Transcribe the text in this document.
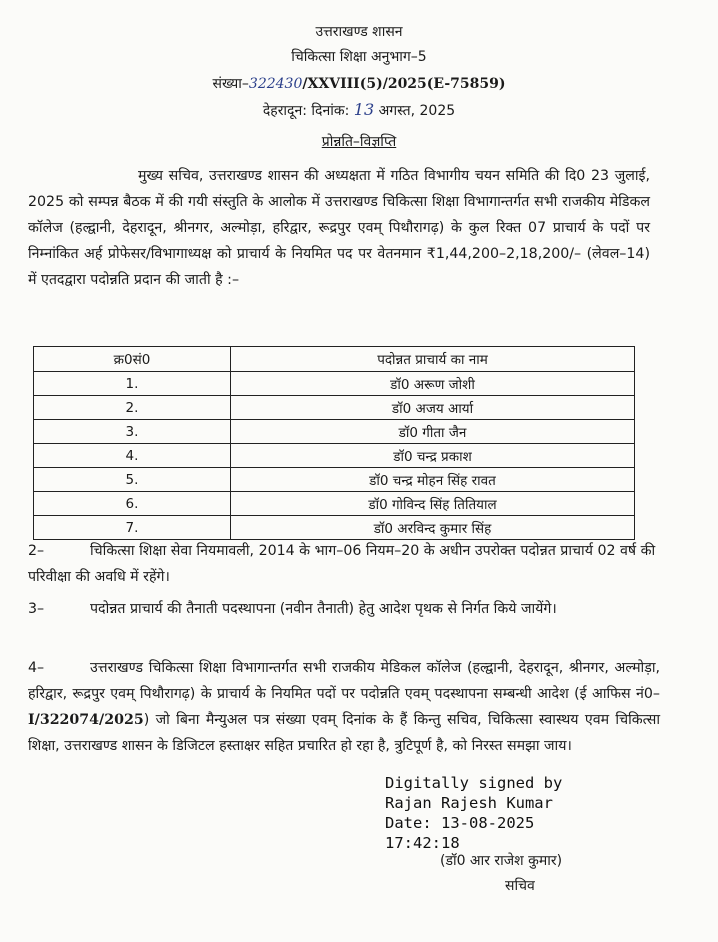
उत्तराखण्ड शासन
चिकित्सा शिक्षा अनुभाग–5
संख्या–322430/XXVIII(5)/2025(E-75859)
देहरादून: दिनांक: 13 अगस्त, 2025
प्रोन्नति–विज्ञप्ति
मुख्य सचिव, उत्तराखण्ड शासन की अध्यक्षता में गठित विभागीय चयन समिति की दि0 23 जुलाई, 2025 को सम्पन्न बैठक में की गयी संस्तुति के आलोक में उत्तराखण्ड चिकित्सा शिक्षा विभागान्तर्गत सभी राजकीय मेडिकल कॉलेज (हल्द्वानी, देहरादून, श्रीनगर, अल्मोड़ा, हरिद्वार, रूद्रपुर एवम् पिथौरागढ़) के कुल रिक्त 07 प्राचार्य के पदों पर निम्नांकित अर्ह प्रोफेसर/विभागाध्यक्ष को प्राचार्य के नियमित पद पर वेतनमान ₹1,44,200–2,18,200/– (लेवल–14) में एतदद्वारा पदोन्नति प्रदान की जाती है :–
क्र0सं0	पदोन्नत प्राचार्य का नाम
1.	डॉ0 अरूण जोशी
2.	डॉ0 अजय आर्या
3.	डॉ0 गीता जैन
4.	डॉ0 चन्द्र प्रकाश
5.	डॉ0 चन्द्र मोहन सिंह रावत
6.	डॉ0 गोविन्द सिंह तितियाल
7.	डॉ0 अरविन्द कुमार सिंह
2–	चिकित्सा शिक्षा सेवा नियमावली, 2014 के भाग–06 नियम–20 के अधीन उपरोक्त पदोन्नत प्राचार्य 02 वर्ष की परिवीक्षा की अवधि में रहेंगे।
3–	पदोन्नत प्राचार्य की तैनाती पदस्थापना (नवीन तैनाती) हेतु आदेश पृथक से निर्गत किये जायेंगे।
4–	उत्तराखण्ड चिकित्सा शिक्षा विभागान्तर्गत सभी राजकीय मेडिकल कॉलेज (हल्द्वानी, देहरादून, श्रीनगर, अल्मोड़ा, हरिद्वार, रूद्रपुर एवम् पिथौरागढ़) के प्राचार्य के नियमित पदों पर पदोन्नति एवम् पदस्थापना सम्बन्धी आदेश (ई आफिस नं0–I/322074/2025) जो बिना मैन्युअल पत्र संख्या एवम् दिनांक के हैं किन्तु सचिव, चिकित्सा स्वास्थय एवम चिकित्सा शिक्षा, उत्तराखण्ड शासन के डिजिटल हस्ताक्षर सहित प्रचारित हो रहा है, त्रुटिपूर्ण है, को निरस्त समझा जाय।
Digitally signed by
Rajan Rajesh Kumar
Date: 13-08-2025
17:42:18
(डॉ0 आर राजेश कुमार)
सचिव
